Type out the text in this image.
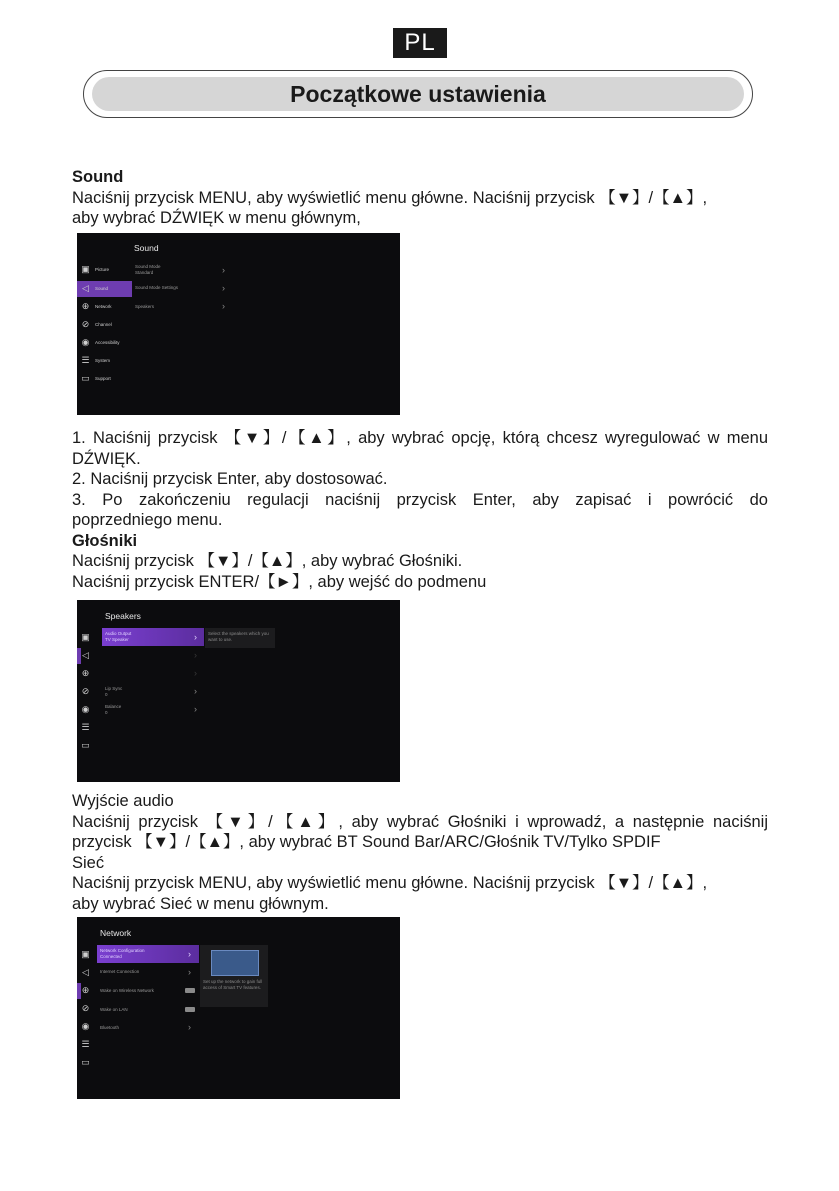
PL
Początkowe ustawienia

Sound

Naciśnij przycisk MENU, aby wyświetlić menu główne. Naciśnij przycisk 【▼】/【▲】,

aby wybrać DŹWIĘK w menu głównym,

Sound
▣ Picture
◁	Sound
⊕	Network
⊘	Channel
◉	Accessibility
☰	System
▭ Support
Sound Mode
Standard	›
Sound Mode Settings	›
Speakers	›

1. Naciśnij przycisk 【▼】/【▲】, aby wybrać opcję, którą chcesz wyregulować w menu

DŹWIĘK.

2. Naciśnij przycisk Enter, aby dostosować.

3. Po zakończeniu regulacji naciśnij przycisk Enter, aby zapisać i powrócić do

poprzedniego menu.

Głośniki

Naciśnij przycisk 【▼】/【▲】, aby wybrać Głośniki.

Naciśnij przycisk ENTER/【►】, aby wejść do podmenu

Speakers
▣
◁
⊕
⊘
◉
☰
▭
Audio Output
TV Speaker	›
›
›
Lip Sync
0	›
Balance
0	›
Select the speakers which you want to use.

Wyjście audio

Naciśnij przycisk 【▼】/【▲】, aby wybrać Głośniki i wprowadź, a następnie naciśnij

przycisk 【▼】/【▲】, aby wybrać BT Sound Bar/ARC/Głośnik TV/Tylko SPDIF

Sieć

Naciśnij przycisk MENU, aby wyświetlić menu główne. Naciśnij przycisk 【▼】/【▲】,

aby wybrać Sieć w menu głównym.

Network
▣
◁
⊕
⊘
◉
☰
▭
Network Configuration
Connected	›
Internet Connection	›
Wake on Wireless Network
Wake on LAN
Bluetooth	›
Set up the network to gain full access of Smart TV features.
